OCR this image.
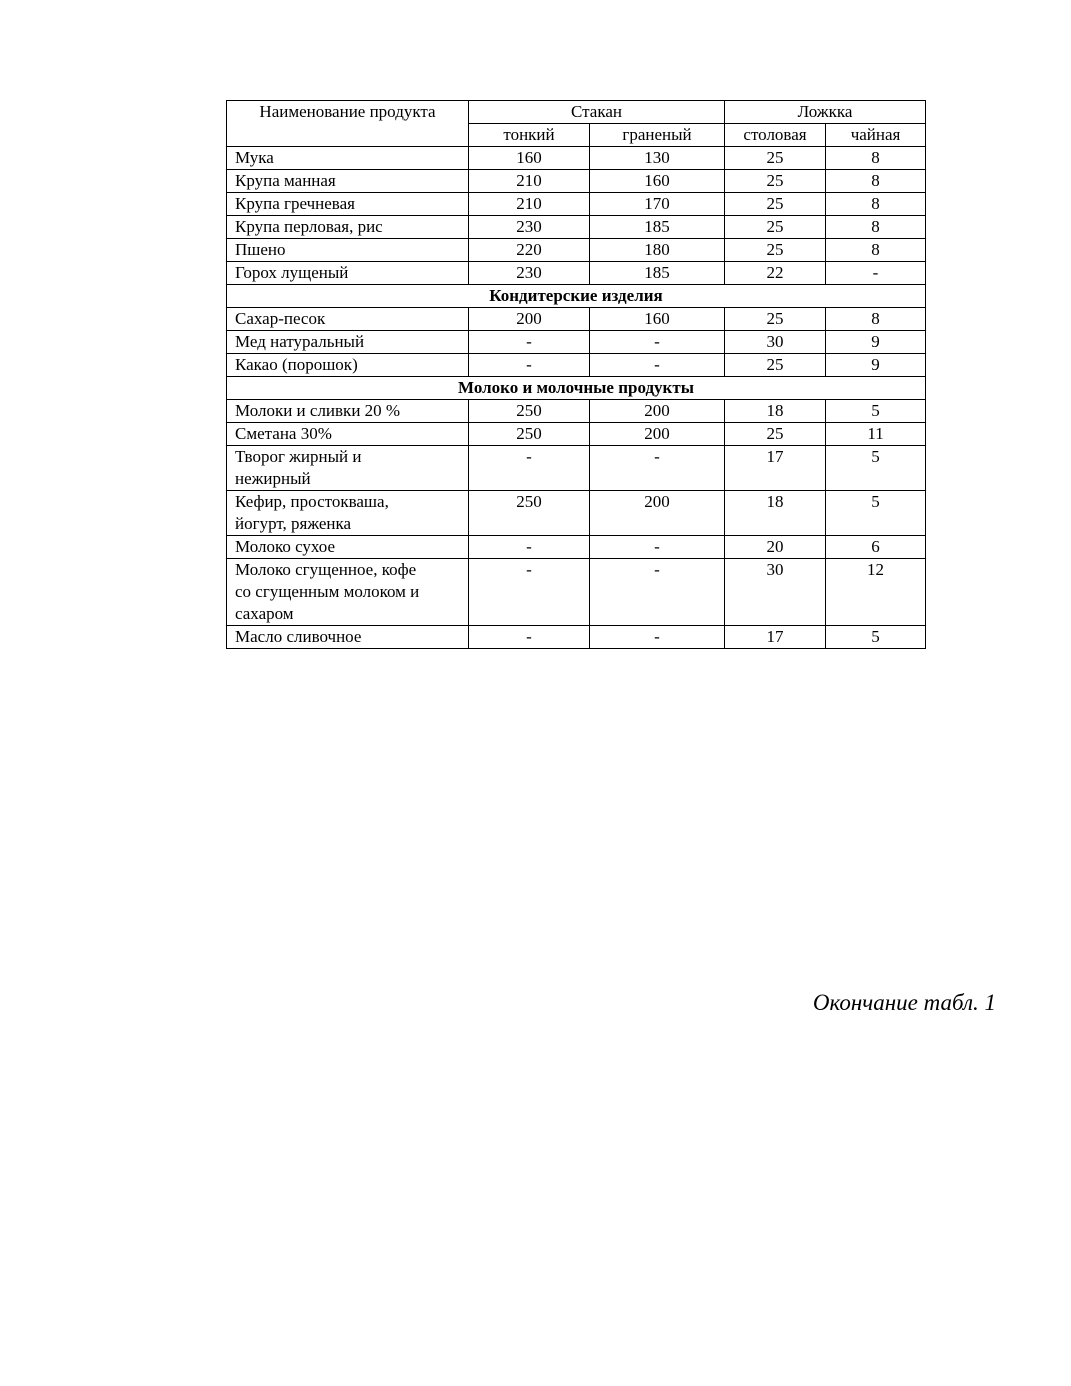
Наименование продукта	Стакан		Ложкка	
	тонкий	граненый	столовая	чайная
Мука	160	130	25	8
Крупа манная	210	160	25	8
Крупа гречневая	210	170	25	8
Крупа перловая, рис	230	185	25	8
Пшено	220	180	25	8
Горох лущеный	230	185	22	-
Кондитерские изделия				
Сахар-песок	200	160	25	8
Мед натуральный	-	-	30	9
Какао (порошок)	-	-	25	9
Молоко и молочные продукты				
Молоки и сливки 20 %	250	200	18	5
Сметана 30%	250	200	25	11
Творог жирный и
нежирный	-	-	17	5
Кефир, простокваша,
йогурт, ряженка	250	200	18	5
Молоко сухое	-	-	20	6
Молоко сгущенное, кофе
со сгущенным молоком и
сахаром	-	-	30	12
Масло сливочное	-	-	17	5
Окончание табл. 1
